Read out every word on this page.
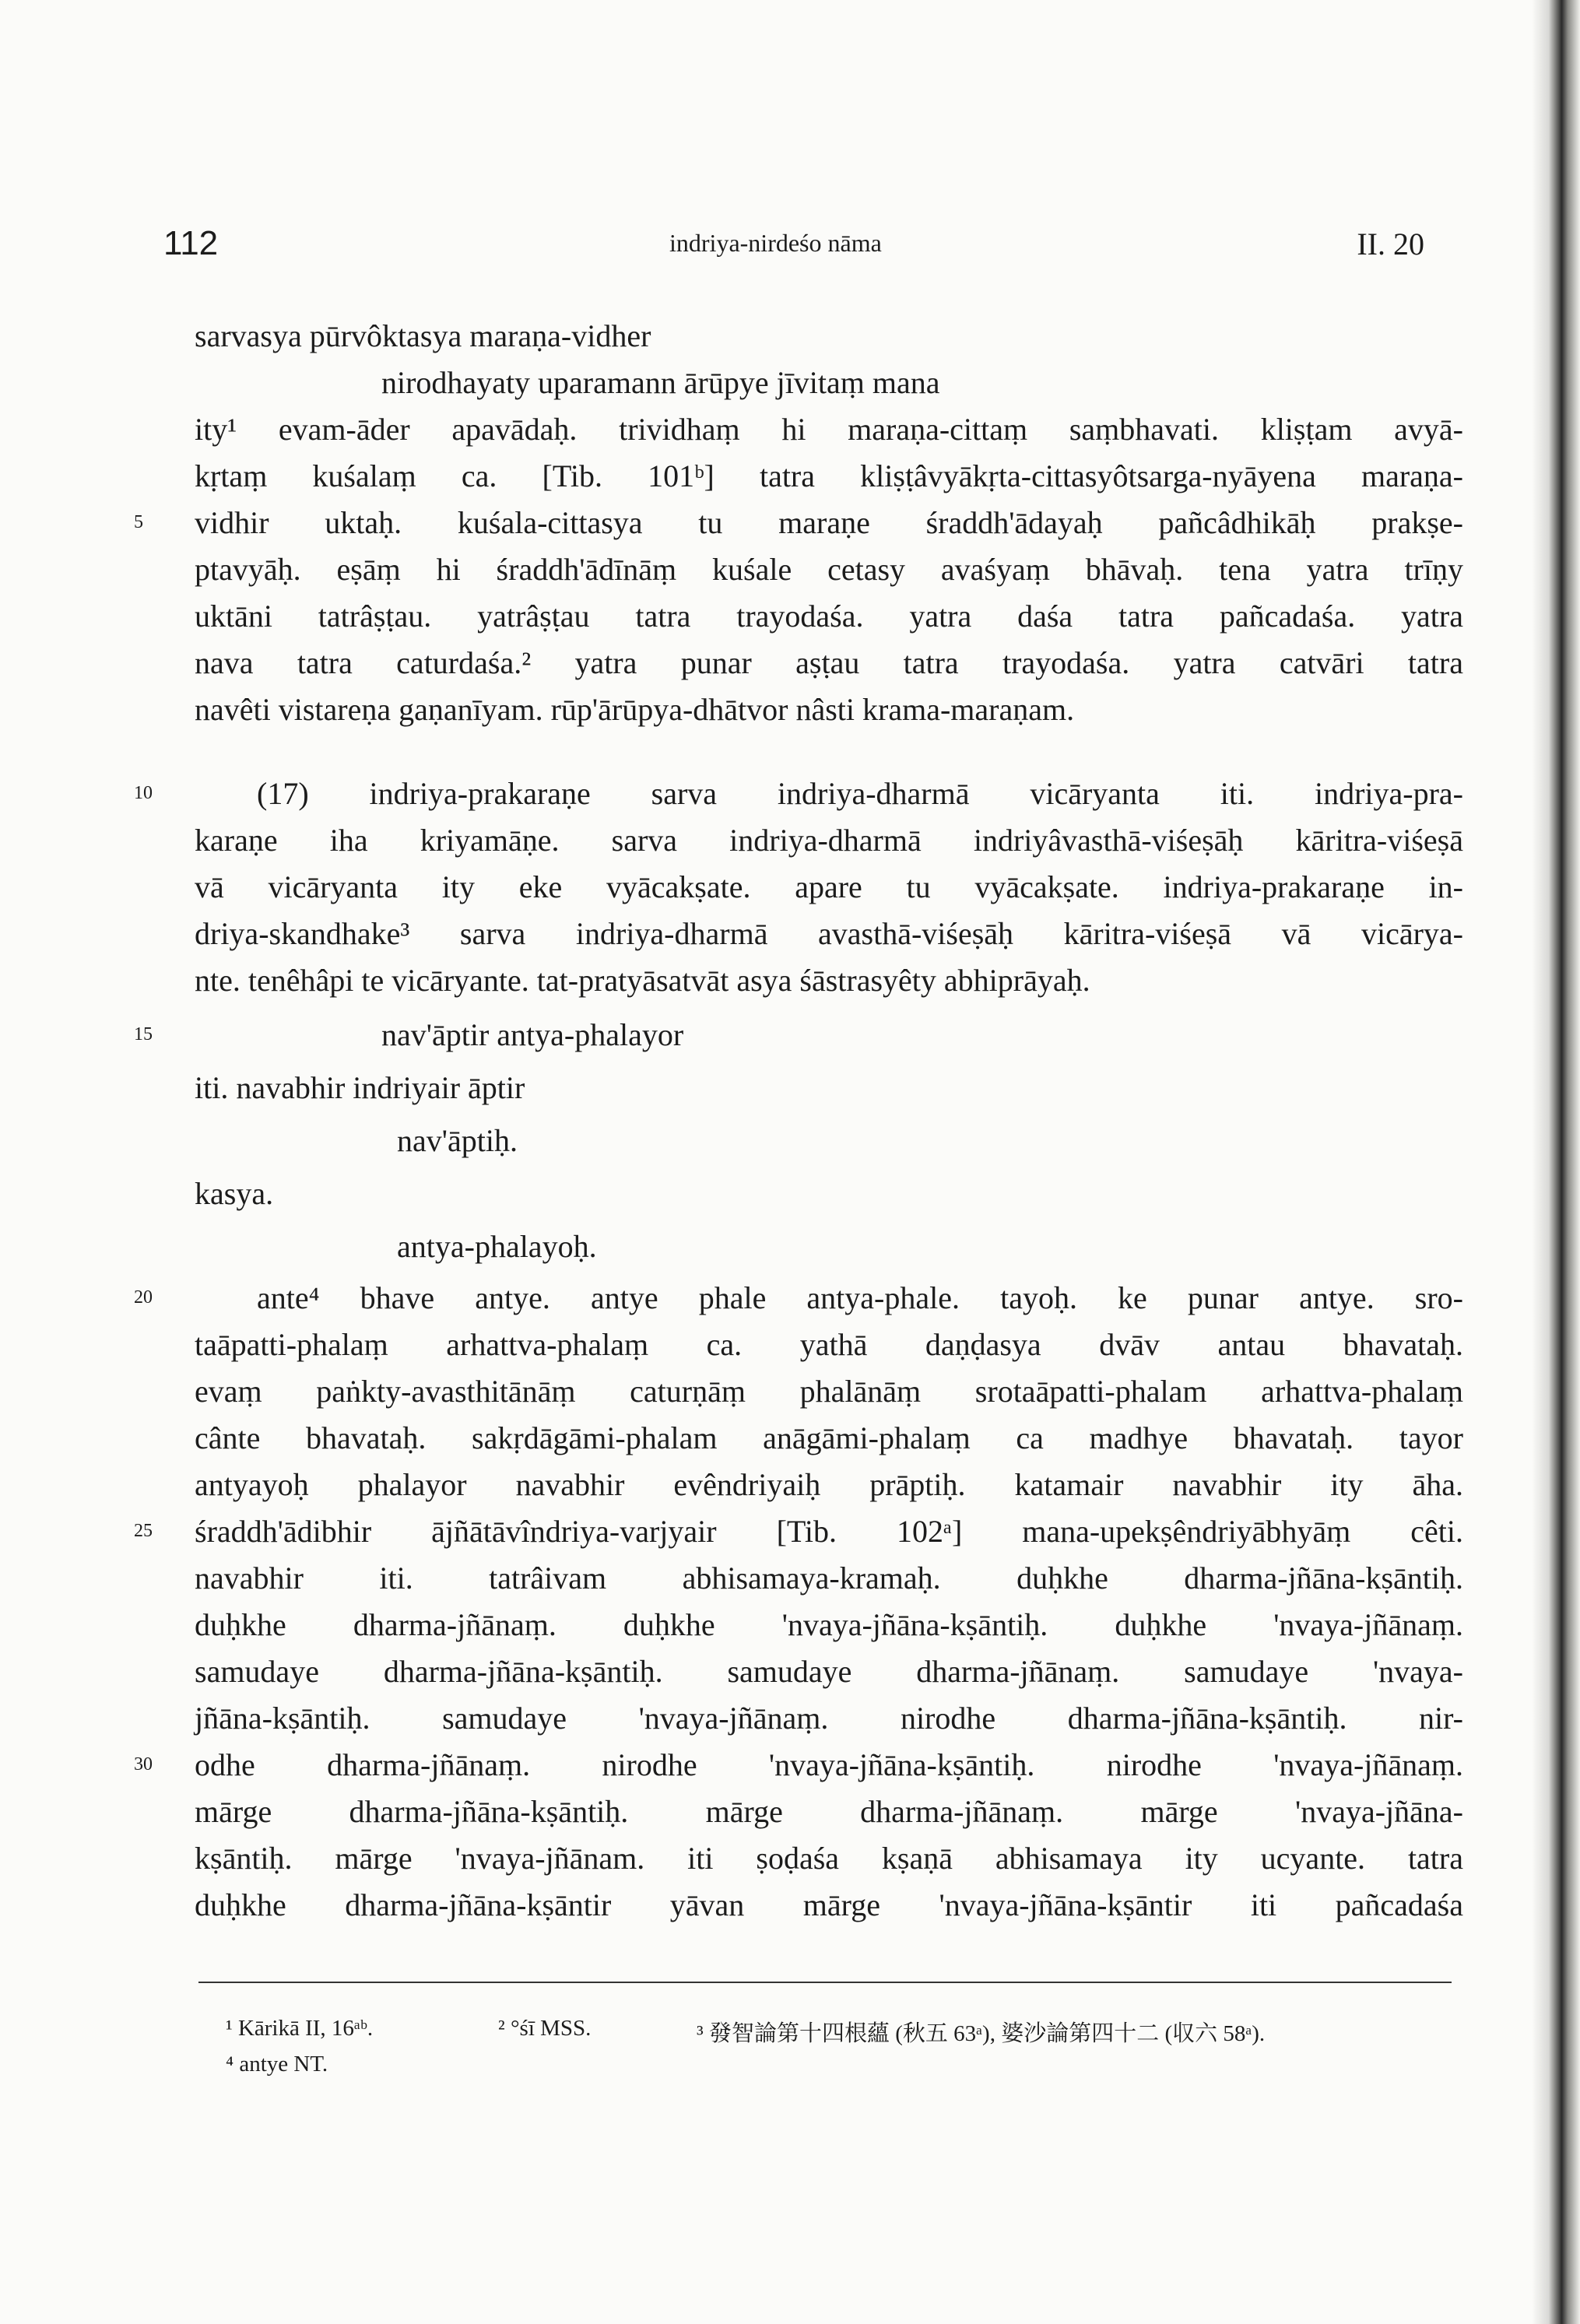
112	indriya-nirdeśo nāma	II. 20
sarvasya pūrvôktasya maraṇa-vidher
nirodhayaty uparamann ārūpye jīvitaṃ mana
ity¹ evam-āder apavādaḥ. trividhaṃ hi maraṇa-cittaṃ saṃbhavati. kliṣṭam avyā-
kṛtaṃ kuśalaṃ ca. [Tib. 101ᵇ] tatra kliṣṭâvyākṛta-cittasyôtsarga-nyāyena maraṇa-
5 vidhir uktaḥ. kuśala-cittasya tu maraṇe śraddh'ādayaḥ pañcâdhikāḥ prakṣe-
ptavyāḥ. eṣāṃ hi śraddh'ādīnāṃ kuśale cetasy avaśyaṃ bhāvaḥ. tena yatra trīṇy
uktāni tatrâṣṭau. yatrâṣṭau tatra trayodaśa. yatra daśa tatra pañcadaśa. yatra
nava tatra caturdaśa.² yatra punar aṣṭau tatra trayodaśa. yatra catvāri tatra
navêti vistareṇa gaṇanīyam. rūp'ārūpya-dhātvor nâsti krama-maraṇam.
10	(17) indriya-prakaraṇe sarva indriya-dharmā vicāryanta iti. indriya-pra-
karaṇe iha kriyamāṇe. sarva indriya-dharmā indriyâvasthā-viśeṣāḥ kāritra-viśeṣā
vā vicāryanta ity eke vyācakṣate. apare tu vyācakṣate. indriya-prakaraṇe in-
driya-skandhake³ sarva indriya-dharmā avasthā-viśeṣāḥ kāritra-viśeṣā vā vicārya-
nte. tenêhâpi te vicāryante. tat-pratyāsatvāt asya śāstrasyêty abhiprāyaḥ.
15	nav'āptir antya-phalayor
iti. navabhir indriyair āptir
nav'āptiḥ.
kasya.
antya-phalayoḥ.
20	ante⁴ bhave antye. antye phale antya-phale. tayoḥ. ke punar antye. sro-
taāpatti-phalaṃ arhattva-phalaṃ ca. yathā daṇḍasya dvāv antau bhavataḥ.
evaṃ paṅkty-avasthitānāṃ caturṇāṃ phalānāṃ srotaāpatti-phalam arhattva-phalaṃ
cânte bhavataḥ. sakṛdāgāmi-phalam anāgāmi-phalaṃ ca madhye bhavataḥ. tayor
antyayoḥ phalayor navabhir evêndriyaiḥ prāptiḥ. katamair navabhir ity āha.
25 śraddh'ādibhir ājñātāvîndriya-varjyair [Tib. 102ᵃ] mana-upekṣêndriyābhyāṃ cêti.
navabhir iti. tatrâivam abhisamaya-kramaḥ. duḥkhe dharma-jñāna-kṣāntiḥ.
duḥkhe dharma-jñānaṃ. duḥkhe 'nvaya-jñāna-kṣāntiḥ. duḥkhe 'nvaya-jñānaṃ.
samudaye dharma-jñāna-kṣāntiḥ. samudaye dharma-jñānaṃ. samudaye 'nvaya-
jñāna-kṣāntiḥ. samudaye 'nvaya-jñānaṃ. nirodhe dharma-jñāna-kṣāntiḥ. nir-
30 odhe dharma-jñānaṃ. nirodhe 'nvaya-jñāna-kṣāntiḥ. nirodhe 'nvaya-jñānaṃ.
mārge dharma-jñāna-kṣāntiḥ. mārge dharma-jñānaṃ. mārge 'nvaya-jñāna-
kṣāntiḥ. mārge 'nvaya-jñānam. iti ṣoḍaśa kṣaṇā abhisamaya ity ucyante. tatra
duḥkhe dharma-jñāna-kṣāntir yāvan mārge 'nvaya-jñāna-kṣāntir iti pañcadaśa
¹ Kārikā II, 16ᵃᵇ.	² °śī MSS.	³ 發智論第十四根蘊 (秋五 63ᵃ), 婆沙論第四十二 (収六 58ᵃ).
⁴ antye NT.
